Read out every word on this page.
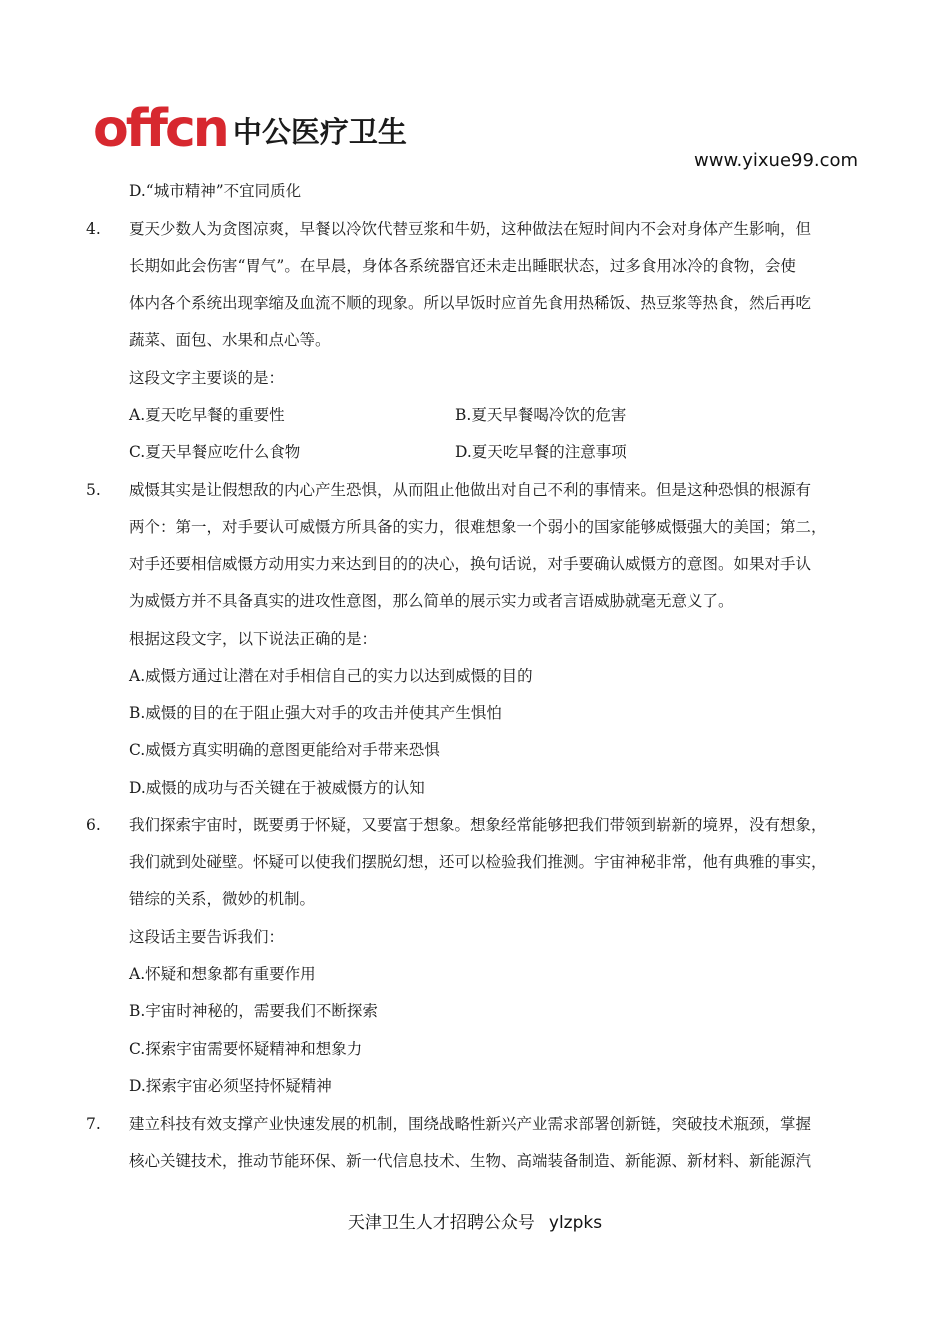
offcn 中公医疗卫生
www.yixue99.com
D.“城市精神”不宜同质化
4. 夏天少数人为贪图凉爽，早餐以冷饮代替豆浆和牛奶，这种做法在短时间内不会对身体产生影响，但
长期如此会伤害“胃气”。在早晨，身体各系统器官还未走出睡眠状态，过多食用冰冷的食物，会使
体内各个系统出现挛缩及血流不顺的现象。所以早饭时应首先食用热稀饭、热豆浆等热食，然后再吃
蔬菜、面包、水果和点心等。
这段文字主要谈的是：
A.夏天吃早餐的重要性	B.夏天早餐喝冷饮的危害
C.夏天早餐应吃什么食物	D.夏天吃早餐的注意事项
5. 威慑其实是让假想敌的内心产生恐惧，从而阻止他做出对自己不利的事情来。但是这种恐惧的根源有
两个：第一，对手要认可威慑方所具备的实力，很难想象一个弱小的国家能够威慑强大的美国；第二，
对手还要相信威慑方动用实力来达到目的的决心，换句话说，对手要确认威慑方的意图。如果对手认
为威慑方并不具备真实的进攻性意图，那么简单的展示实力或者言语威胁就毫无意义了。
根据这段文字，以下说法正确的是：
A.威慑方通过让潜在对手相信自己的实力以达到威慑的目的
B.威慑的目的在于阻止强大对手的攻击并使其产生惧怕
C.威慑方真实明确的意图更能给对手带来恐惧
D.威慑的成功与否关键在于被威慑方的认知
6. 我们探索宇宙时，既要勇于怀疑，又要富于想象。想象经常能够把我们带领到崭新的境界，没有想象，
我们就到处碰壁。怀疑可以使我们摆脱幻想，还可以检验我们推测。宇宙神秘非常，他有典雅的事实，
错综的关系，微妙的机制。
这段话主要告诉我们：
A.怀疑和想象都有重要作用
B.宇宙时神秘的，需要我们不断探索
C.探索宇宙需要怀疑精神和想象力
D.探索宇宙必须坚持怀疑精神
7. 建立科技有效支撑产业快速发展的机制，围绕战略性新兴产业需求部署创新链，突破技术瓶颈，掌握
核心关键技术，推动节能环保、新一代信息技术、生物、高端装备制造、新能源、新材料、新能源汽
天津卫生人才招聘公众号 ylzpks
